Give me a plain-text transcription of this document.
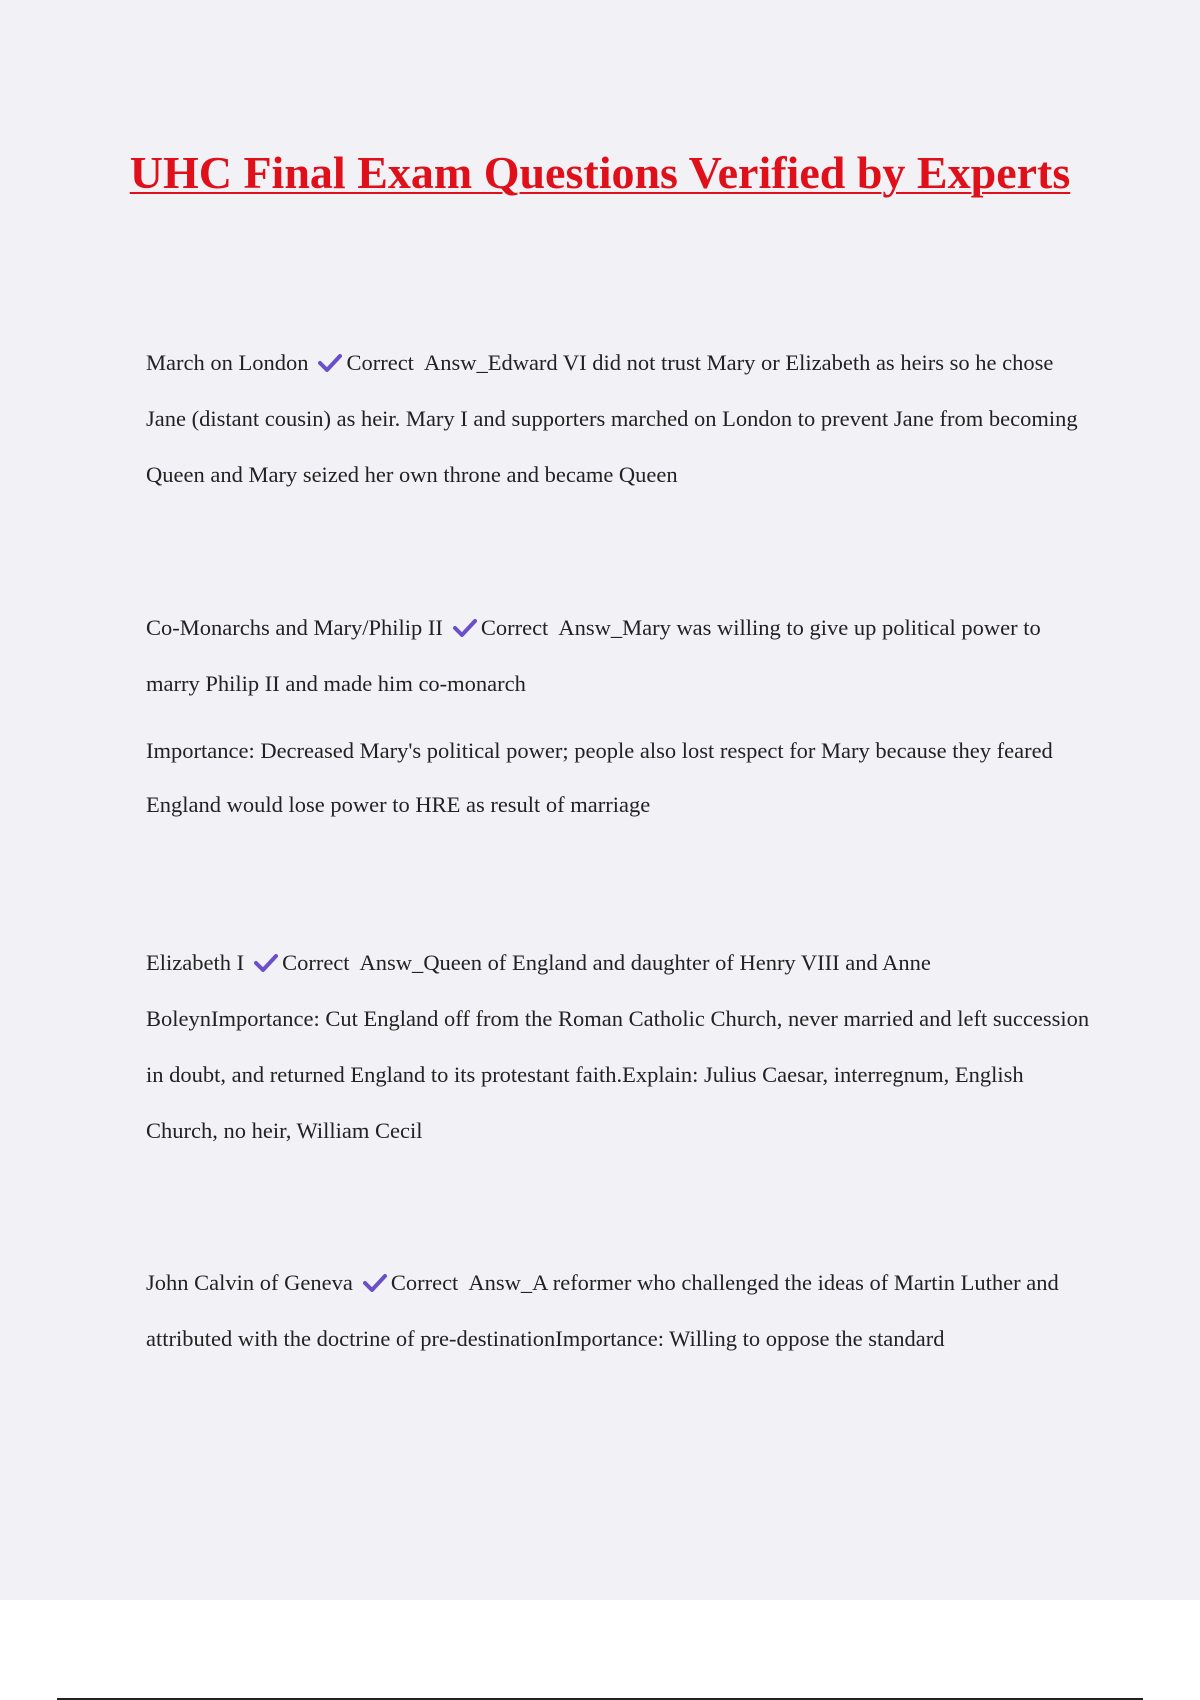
UHC Final Exam Questions Verified by Experts

March on London Correct  Answ_Edward VI did not trust Mary or Elizabeth as heirs so he chose Jane (distant cousin) as heir. Mary I and supporters marched on London to prevent Jane from becoming Queen and Mary seized her own throne and became Queen

Co-Monarchs and Mary/Philip II Correct  Answ_Mary was willing to give up political power to marry Philip II and made him co-monarch

Importance: Decreased Mary's political power; people also lost respect for Mary because they feared England would lose power to HRE as result of marriage

Elizabeth I Correct  Answ_Queen of England and daughter of Henry VIII and Anne BoleynImportance: Cut England off from the Roman Catholic Church, never married and left succession in doubt, and returned England to its protestant faith.Explain: Julius Caesar, interregnum, English Church, no heir, William Cecil

John Calvin of Geneva Correct  Answ_A reformer who challenged the ideas of Martin Luther and attributed with the doctrine of pre-destinationImportance: Willing to oppose the standard
